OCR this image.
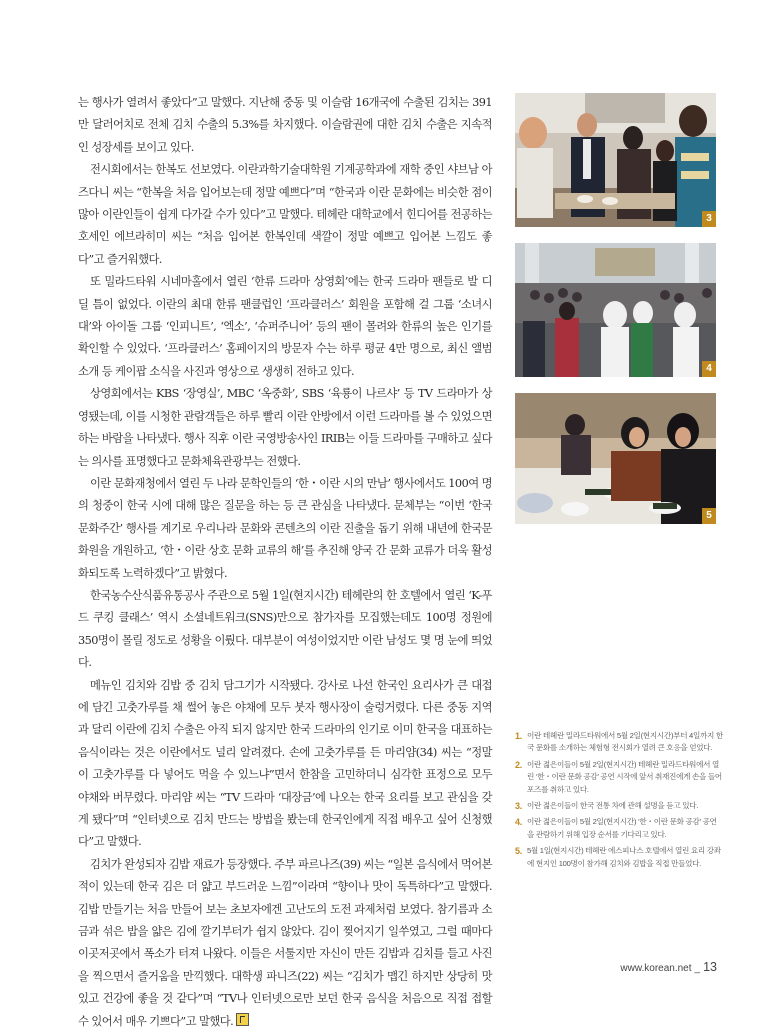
는 행사가 열려서 좋았다”고 말했다. 지난해 중동 및 이슬람 16개국에 수출된 김치는 391만 달러어치로 전체 김치 수출의 5.3%를 차지했다. 이슬람권에 대한 김치 수출은 지속적인 성장세를 보이고 있다.

전시회에서는 한복도 선보였다. 이란과학기술대학원 기계공학과에 재학 중인 샤브남 아즈다니 씨는 “한복을 처음 입어보는데 정말 예쁘다”며 “한국과 이란 문화에는 비슷한 점이 많아 이란인들이 쉽게 다가갈 수가 있다”고 말했다. 테헤란 대학교에서 힌디어를 전공하는 호세인 에브라히미 씨는 “처음 입어본 한복인데 색깔이 정말 예쁘고 입어본 느낌도 좋다”고 즐거워했다.

또 밀라드타워 시네마홀에서 열린 ‘한류 드라마 상영회’에는 한국 드라마 팬들로 발 디딜 틈이 없었다. 이란의 최대 한류 팬클럽인 ‘프라클러스’ 회원을 포함해 걸 그룹 ‘소녀시대’와 아이돌 그룹 ‘인피니트’, ‘엑소’, ‘슈퍼주니어’ 등의 팬이 몰려와 한류의 높은 인기를 확인할 수 있었다. ‘프라클러스’ 홈페이지의 방문자 수는 하루 평균 4만 명으로, 최신 앨범 소개 등 케이팝 소식을 사진과 영상으로 생생히 전하고 있다.

상영회에서는 KBS ‘장영실’, MBC ‘옥중화’, SBS ‘육룡이 나르샤’ 등 TV 드라마가 상영됐는데, 이를 시청한 관람객들은 하루 빨리 이란 안방에서 이런 드라마를 볼 수 있었으면 하는 바람을 나타냈다. 행사 직후 이란 국영방송사인 IRIB는 이들 드라마를 구매하고 싶다는 의사를 표명했다고 문화체육관광부는 전했다.

이란 문화재청에서 열린 두 나라 문학인들의 ‘한・이란 시의 만남’ 행사에서도 100여 명의 청중이 한국 시에 대해 많은 질문을 하는 등 큰 관심을 나타냈다. 문체부는 “이번 ‘한국문화주간’ 행사를 계기로 우리나라 문화와 콘텐츠의 이란 진출을 돕기 위해 내년에 한국문화원을 개원하고, ‘한・이란 상호 문화 교류의 해’를 추진해 양국 간 문화 교류가 더욱 활성화되도록 노력하겠다”고 밝혔다.

한국농수산식품유통공사 주관으로 5월 1일(현지시간) 테헤란의 한 호텔에서 열린 ‘K-푸드 쿠킹 클래스’ 역시 소셜네트워크(SNS)만으로 참가자를 모집했는데도 100명 정원에 350명이 몰릴 정도로 성황을 이뤘다. 대부분이 여성이었지만 이란 남성도 몇 명 눈에 띄었다.

메뉴인 김치와 김밥 중 김치 담그기가 시작됐다. 강사로 나선 한국인 요리사가 큰 대접에 담긴 고춧가루를 채 썰어 놓은 야채에 모두 붓자 행사장이 술렁거렸다. 다른 중동 지역과 달리 이란에 김치 수출은 아직 되지 않지만 한국 드라마의 인기로 이미 한국을 대표하는 음식이라는 것은 이란에서도 널리 알려졌다. 손에 고춧가루를 든 마리얌(34) 씨는 “정말 이 고춧가루를 다 넣어도 먹을 수 있느냐”면서 한참을 고민하더니 심각한 표정으로 모두 야채와 버무렸다. 마리얌 씨는 “TV 드라마 ‘대장금’에 나오는 한국 요리를 보고 관심을 갖게 됐다”며 “인터넷으로 김치 만드는 방법을 봤는데 한국인에게 직접 배우고 싶어 신청했다”고 말했다.

김치가 완성되자 김밥 재료가 등장했다. 주부 파르나즈(39) 씨는 “일본 음식에서 먹어본 적이 있는데 한국 김은 더 얇고 부드러운 느낌”이라며 “향이나 맛이 독특하다”고 말했다. 김밥 만들기는 처음 만들어 보는 초보자에겐 고난도의 도전 과제처럼 보였다. 참기름과 소금과 섞은 밥을 얇은 김에 깔기부터가 쉽지 않았다. 김이 찢어지기 일쑤였고, 그럴 때마다 이곳저곳에서 폭소가 터져 나왔다. 이들은 서툴지만 자신이 만든 김밥과 김치를 들고 사진을 찍으면서 즐거움을 만끽했다. 대학생 파니즈(22) 씨는 “김치가 맵긴 하지만 상당히 맛있고 건강에 좋을 것 같다”며 “TV나 인터넷으로만 보던 한국 음식을 처음으로 직접 접할 수 있어서 매우 기쁘다”고 말했다.

3
4
5
1. 이란 테헤란 밀라드타워에서 5월 2일(현지시간)부터 4일까지 한국 문화를 소개하는 체험형 전시회가 열려 큰 호응을 얻었다.
2. 이란 젊은이들이 5월 2일(현지시간) 테헤란 밀라드타워에서 열린 ‘한・이란 문화 공감’ 공연 시작에 앞서 취재진에게 손을 들어 포즈를 취하고 있다.
3. 이란 젊은이들이 한국 전통 차에 관해 설명을 듣고 있다.
4. 이란 젊은이들이 5월 2일(현지시간) ‘한・이란 문화 공감’ 공연을 관람하기 위해 입장 순서를 기다리고 있다.
5. 5월 1일(현지시간) 테헤란 에스피나스 호텔에서 열린 요리 강좌에 현지인 100명이 참가해 김치와 김밥을 직접 만들었다.
www.korean.net _ 13
